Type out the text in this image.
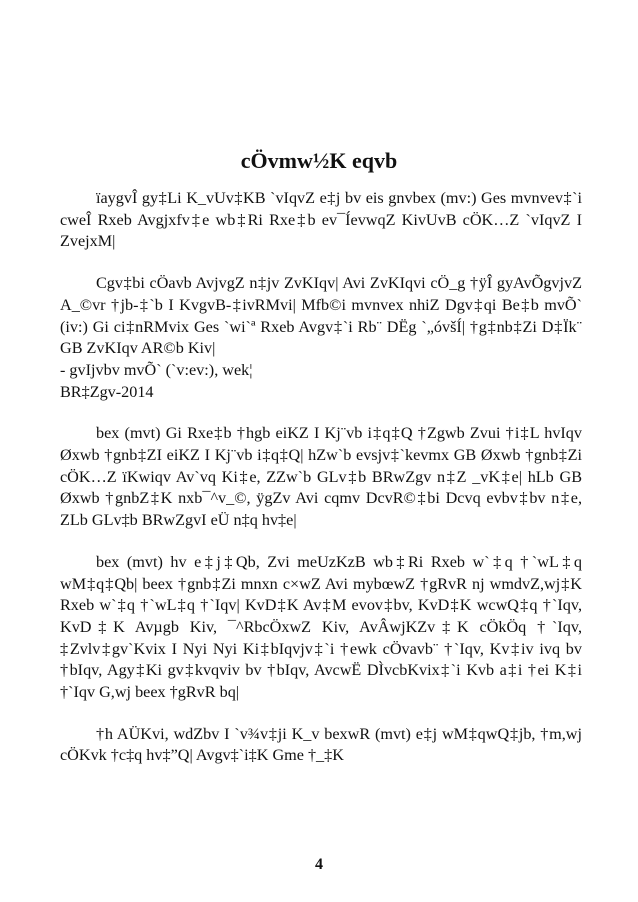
cÖvmw½K eqvb

ïaygvÎ gy‡Li K_vUv‡KB `vIqvZ e‡j bv eis gnvbex (mv:) Ges mvnvev‡`i cweÎ Rxeb Avgjxfv‡e wb‡Ri Rxe‡b ev¯ÍevwqZ KivUvB cÖK…Z `vIqvZ I ZvejxM|

Cgv‡bi cÖavb AvjvgZ n‡jv ZvKIqv| Avi ZvKIqvi cÖ_g †ÿÎ gyAvÕgvjvZ A_©vr †jb-‡`b I KvgvB-‡ivRMvi| Mfb©i mvnvex nhiZ Dgv‡qi Be‡b mvÕ` (iv:) Gi ci‡nRMvix Ges `wi`ª Rxeb Avgv‡`i Rb¨ DËg `„óvšÍ| †g‡nb‡Zi D‡Ïk¨ GB ZvKIqv AR©b Kiv|
- gvIjvbv mvÕ` (`v:ev:), wek¦
BR‡Zgv-2014

bex (mvt) Gi Rxe‡b †hgb eiKZ I Kj¨vb i‡q‡Q †Zgwb Zvui †i‡L hvIqv Øxwb †gnb‡ZI eiKZ I Kj¨vb i‡q‡Q| hZw`b evsjv‡`kevmx GB Øxwb †gnb‡Zi cÖK…Z ïKwiqv Av`vq Ki‡e, ZZw`b GLv‡b BRwZgv n‡Z _vK‡e| hLb GB Øxwb †gnbZ‡K nxb¯^v_©, ÿgZv Avi cqmv DcvR©‡bi Dcvq evbv‡bv n‡e, ZLb GLv‡b BRwZgvI eÜ n‡q hv‡e|

bex (mvt) hv e‡j‡Qb, Zvi meUzKzB wb‡Ri Rxeb w`‡q †`wL‡q wM‡q‡Qb| beex †gnb‡Zi mnxn c×wZ Avi mybœwZ †gRvR nj wmdvZ,wj‡K Rxeb w`‡q †`wL‡q †`Iqv| KvD‡K Av‡M evov‡bv, KvD‡K wcwQ‡q †`Iqv, KvD‡K Avµgb Kiv, ¯^RbcÖxwZ Kiv, AvÂwjKZv‡K cÖkÖq †`Iqv, ‡Zvlv‡gv`Kvix I Nyi Nyi Ki‡bIqvjv‡`i †ewk cÖvavb¨ †`Iqv, Kv‡iv ivq bv †bIqv, Agy‡Ki gv‡kvqviv bv †bIqv, AvcwË DÌvcbKvix‡`i Kvb a‡i †ei K‡i †`Iqv G,wj beex †gRvR bq|

†h AÜKvi, wdZbv I `v¾v‡ji K_v bexwR (mvt) e‡j wM‡qwQ‡jb, †m,wj cÖKvk †c‡q hv‡”Q| Avgv‡`i‡K Gme †_‡K

4
